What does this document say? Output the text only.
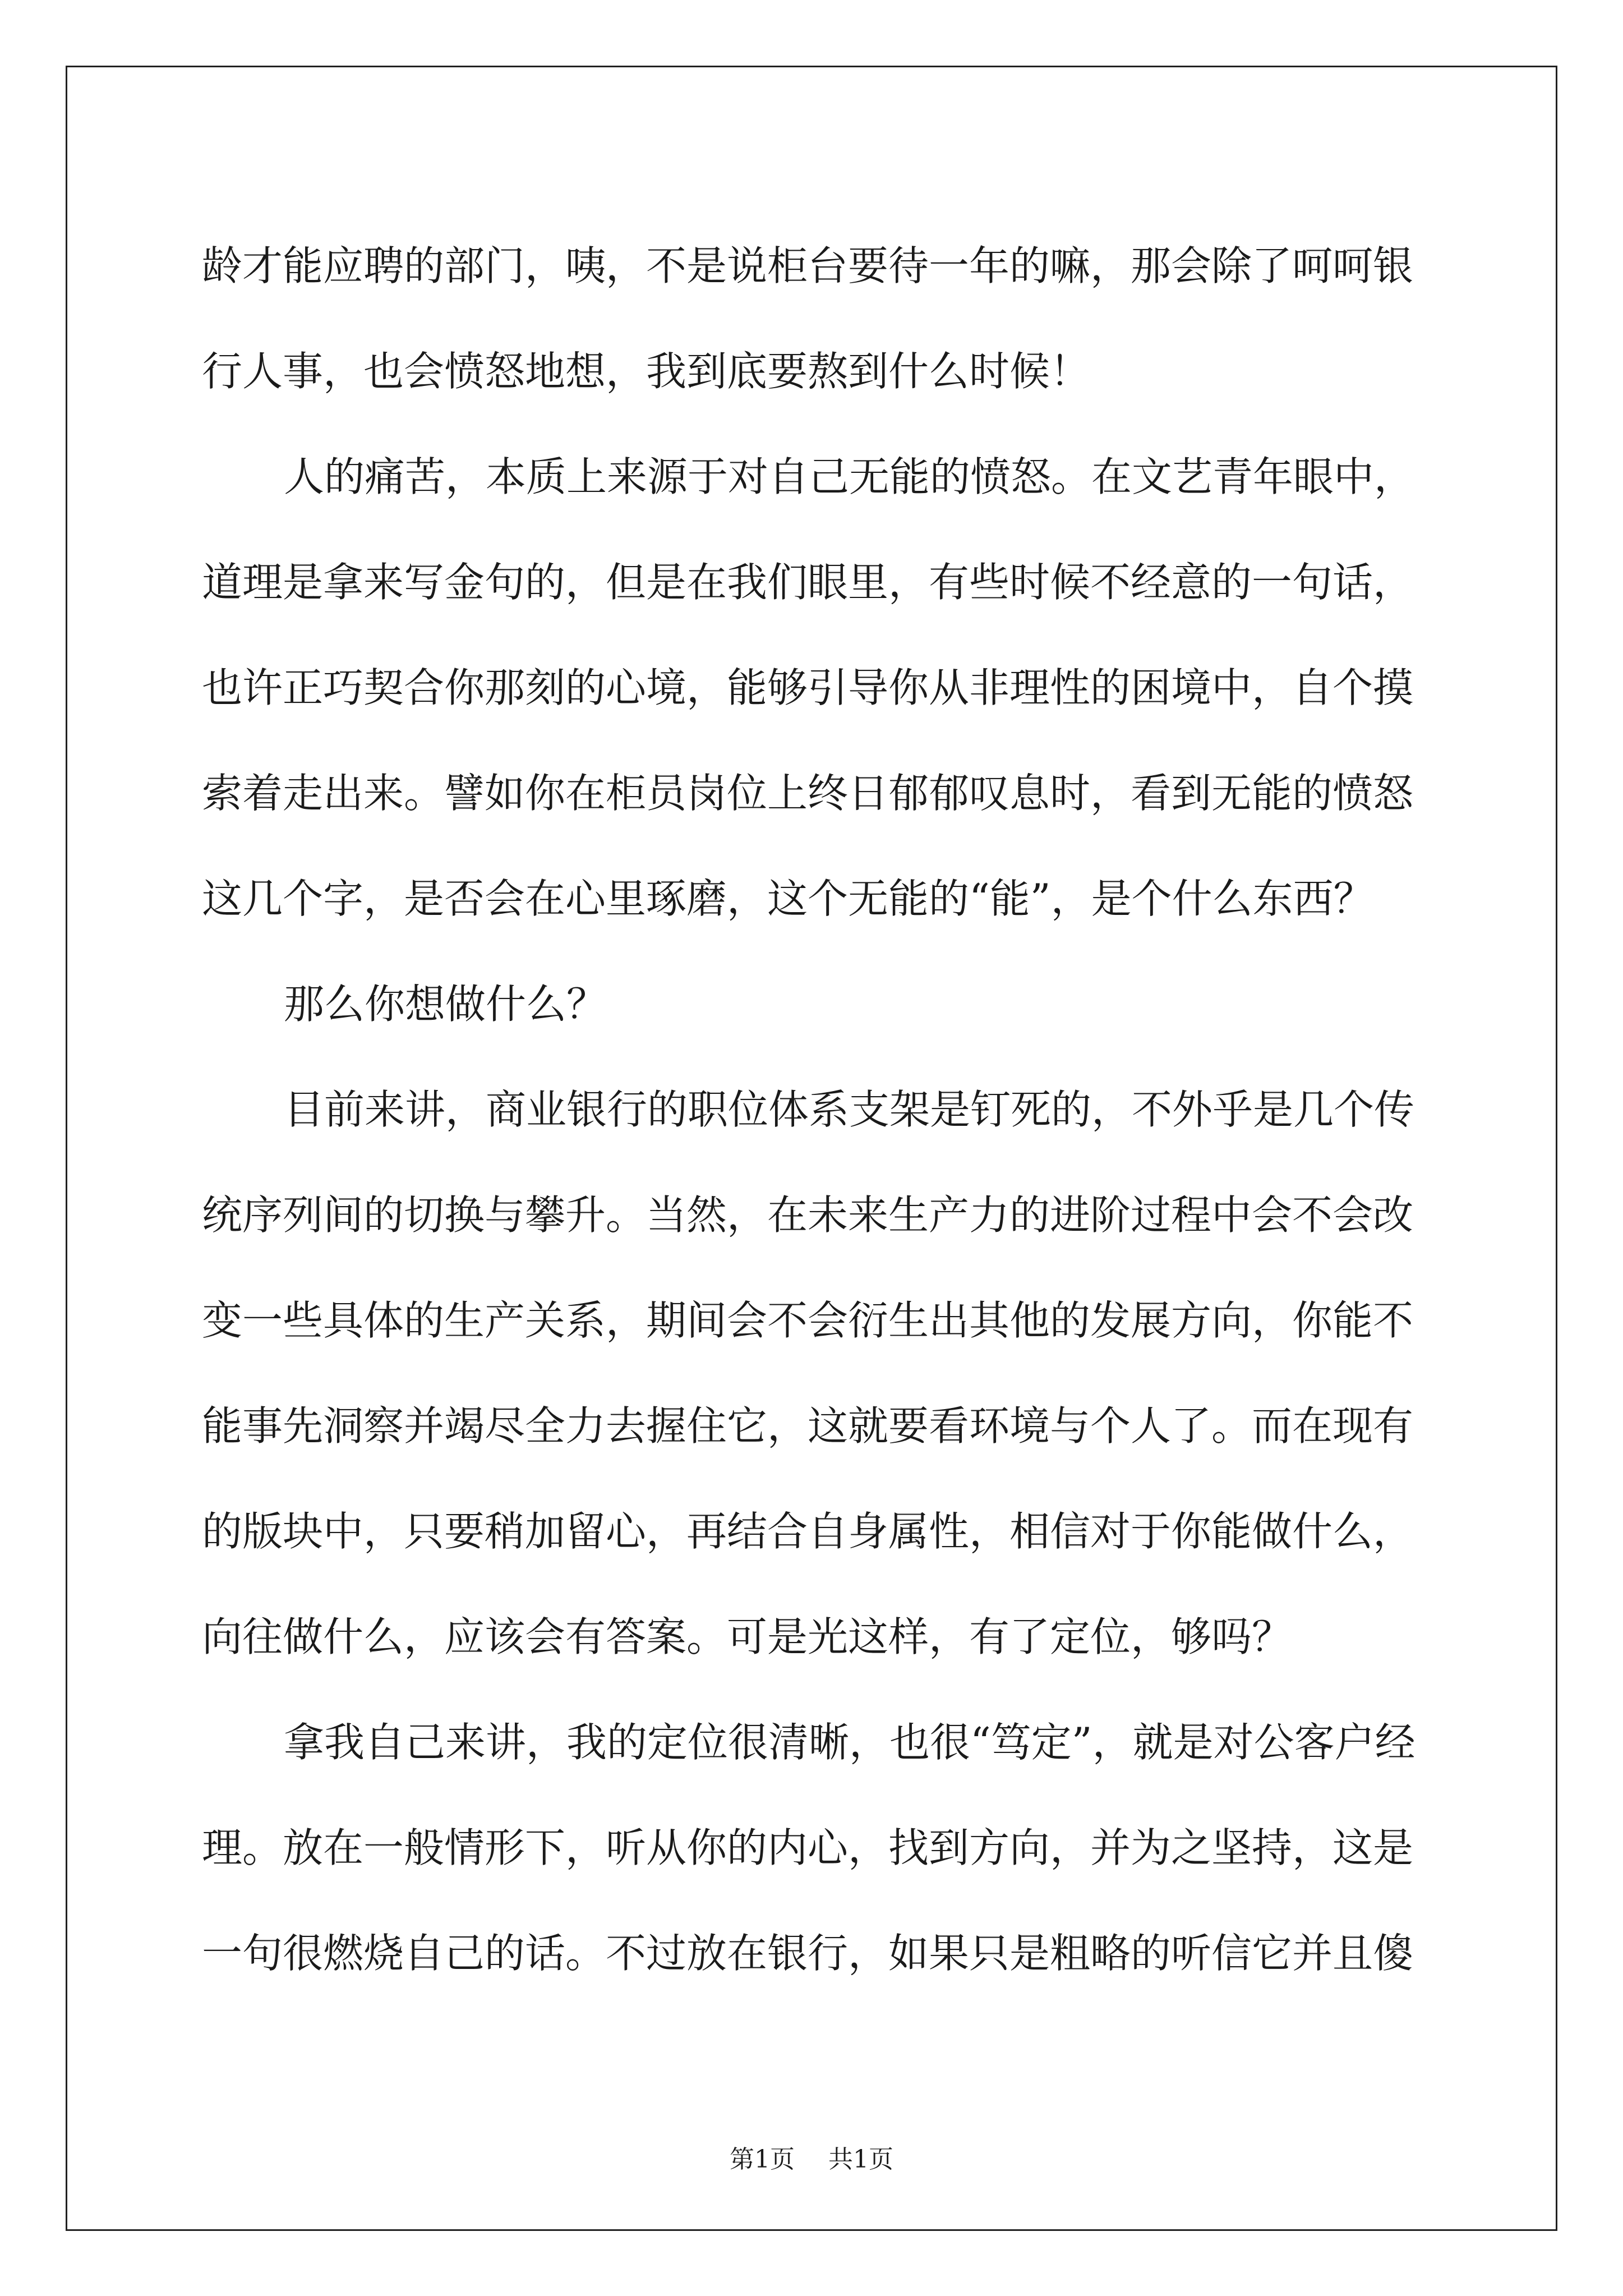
龄才能应聘的部门，咦，不是说柜台要待一年的嘛，那会除了呵呵银
行人事，也会愤怒地想，我到底要熬到什么时候！
人的痛苦，本质上来源于对自己无能的愤怒。在文艺青年眼中，
道理是拿来写金句的，但是在我们眼里，有些时候不经意的一句话，
也许正巧契合你那刻的心境，能够引导你从非理性的困境中，自个摸
索着走出来。譬如你在柜员岗位上终日郁郁叹息时，看到无能的愤怒
这几个字，是否会在心里琢磨，这个无能的“能”，是个什么东西？
那么你想做什么？
目前来讲，商业银行的职位体系支架是钉死的，不外乎是几个传
统序列间的切换与攀升。当然，在未来生产力的进阶过程中会不会改
变一些具体的生产关系，期间会不会衍生出其他的发展方向，你能不
能事先洞察并竭尽全力去握住它，这就要看环境与个人了。而在现有
的版块中，只要稍加留心，再结合自身属性，相信对于你能做什么，
向往做什么，应该会有答案。可是光这样，有了定位，够吗？
拿我自己来讲，我的定位很清晰，也很“笃定”，就是对公客户经
理。放在一般情形下，听从你的内心，找到方向，并为之坚持，这是
一句很燃烧自己的话。不过放在银行，如果只是粗略的听信它并且傻
第1页 共1页
